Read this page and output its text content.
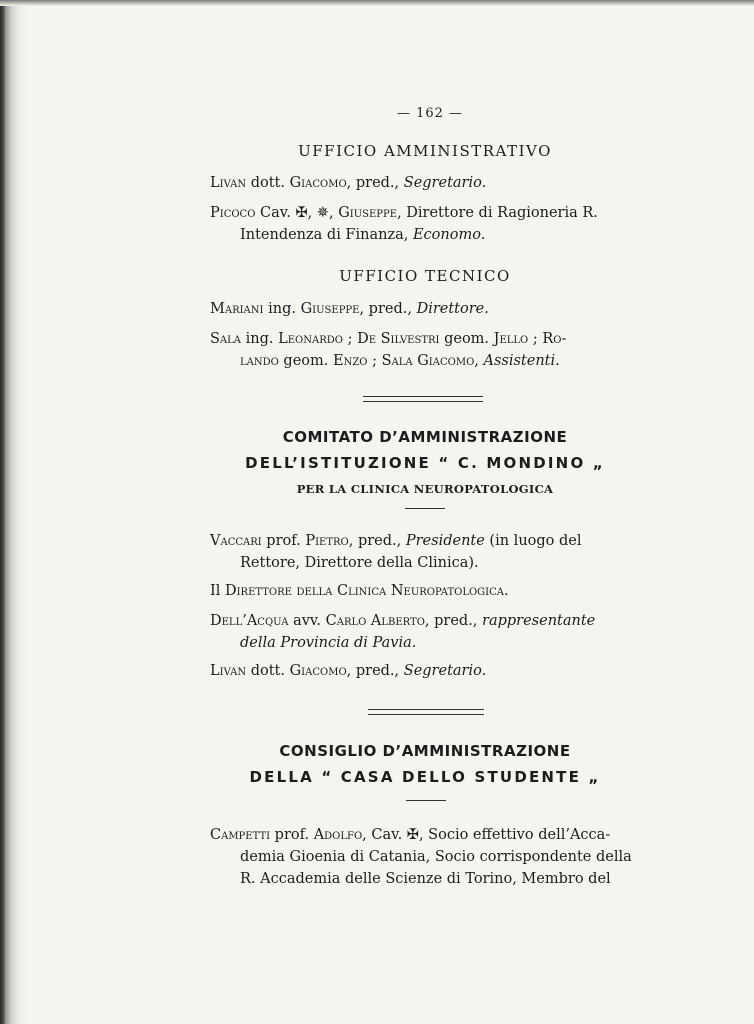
— 162 —
UFFICIO AMMINISTRATIVO
Livan dott. Giacomo, pred., Segretario.
Picoco Cav. ✠, ✵, Giuseppe, Direttore di Ragioneria R.
Intendenza di Finanza, Economo.
UFFICIO TECNICO
Mariani ing. Giuseppe, pred., Direttore.
Sala ing. Leonardo ; De Silvestri geom. Jello ; Ro-
lando geom. Enzo ; Sala Giacomo, Assistenti.
COMITATO D’AMMINISTRAZIONE
DELL’ISTITUZIONE “ C. MONDINO „
PER LA CLINICA NEUROPATOLOGICA
Vaccari prof. Pietro, pred., Presidente (in luogo del
Rettore, Direttore della Clinica).
Il Direttore della Clinica Neuropatologica.
Dell’Acqua avv. Carlo Alberto, pred., rappresentante
della Provincia di Pavia.
Livan dott. Giacomo, pred., Segretario.
CONSIGLIO D’AMMINISTRAZIONE
DELLA “ CASA DELLO STUDENTE „
Campetti prof. Adolfo, Cav. ✠, Socio effettivo dell’Acca-
demia Gioenia di Catania, Socio corrispondente della
R. Accademia delle Scienze di Torino, Membro del
